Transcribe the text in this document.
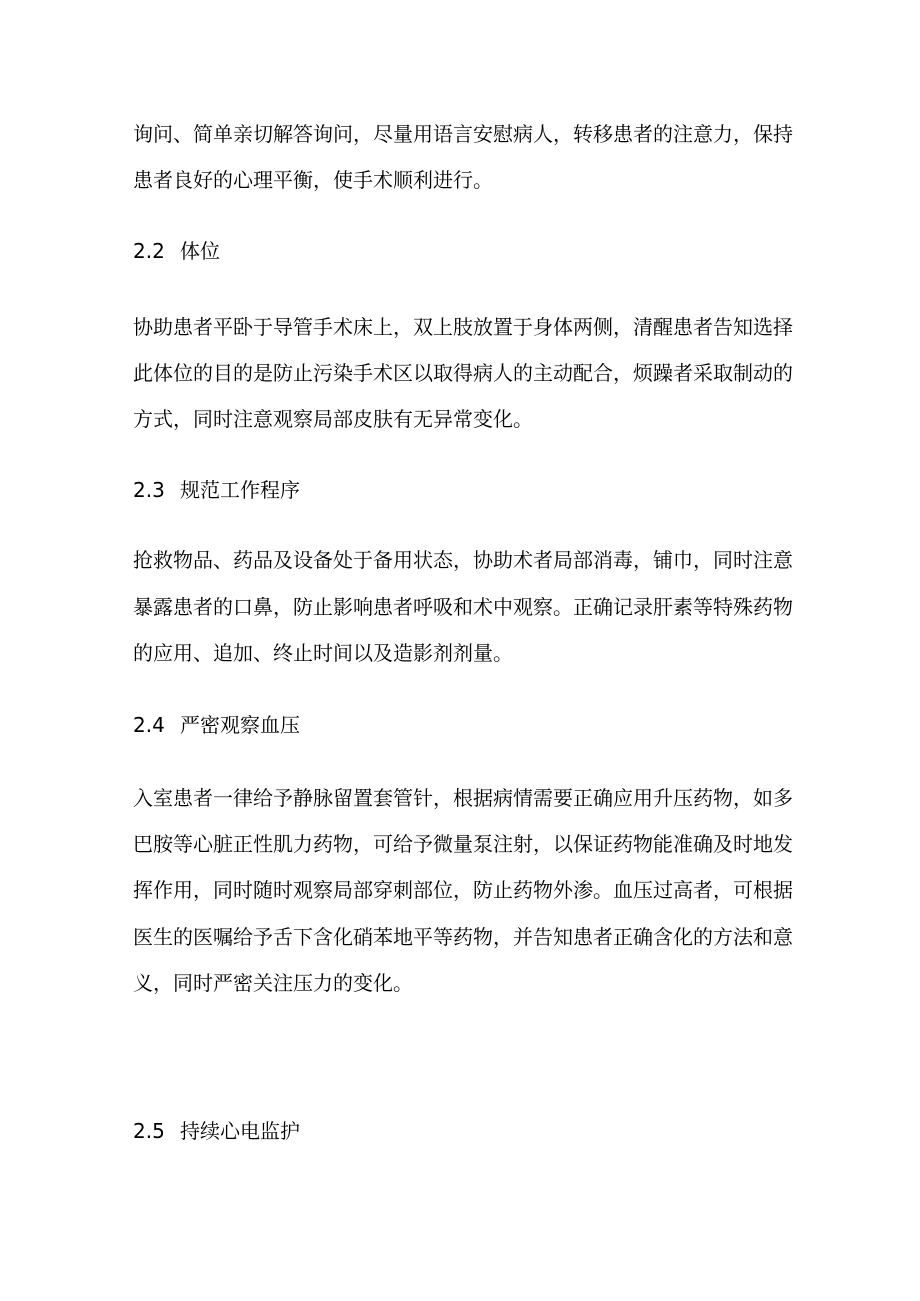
询问、简单亲切解答询问，尽量用语言安慰病人，转移患者的注意力，保持
患者良好的心理平衡，使手术顺利进行。
2.2 体位
协助患者平卧于导管手术床上，双上肢放置于身体两侧，清醒患者告知选择
此体位的目的是防止污染手术区以取得病人的主动配合，烦躁者采取制动的
方式，同时注意观察局部皮肤有无异常变化。
2.3 规范工作程序
抢救物品、药品及设备处于备用状态，协助术者局部消毒，铺巾，同时注意
暴露患者的口鼻，防止影响患者呼吸和术中观察。正确记录肝素等特殊药物
的应用、追加、终止时间以及造影剂剂量。
2.4 严密观察血压
入室患者一律给予静脉留置套管针，根据病情需要正确应用升压药物，如多
巴胺等心脏正性肌力药物，可给予微量泵注射，以保证药物能准确及时地发
挥作用，同时随时观察局部穿刺部位，防止药物外渗。血压过高者，可根据
医生的医嘱给予舌下含化硝苯地平等药物，并告知患者正确含化的方法和意
义，同时严密关注压力的变化。
2.5 持续心电监护
